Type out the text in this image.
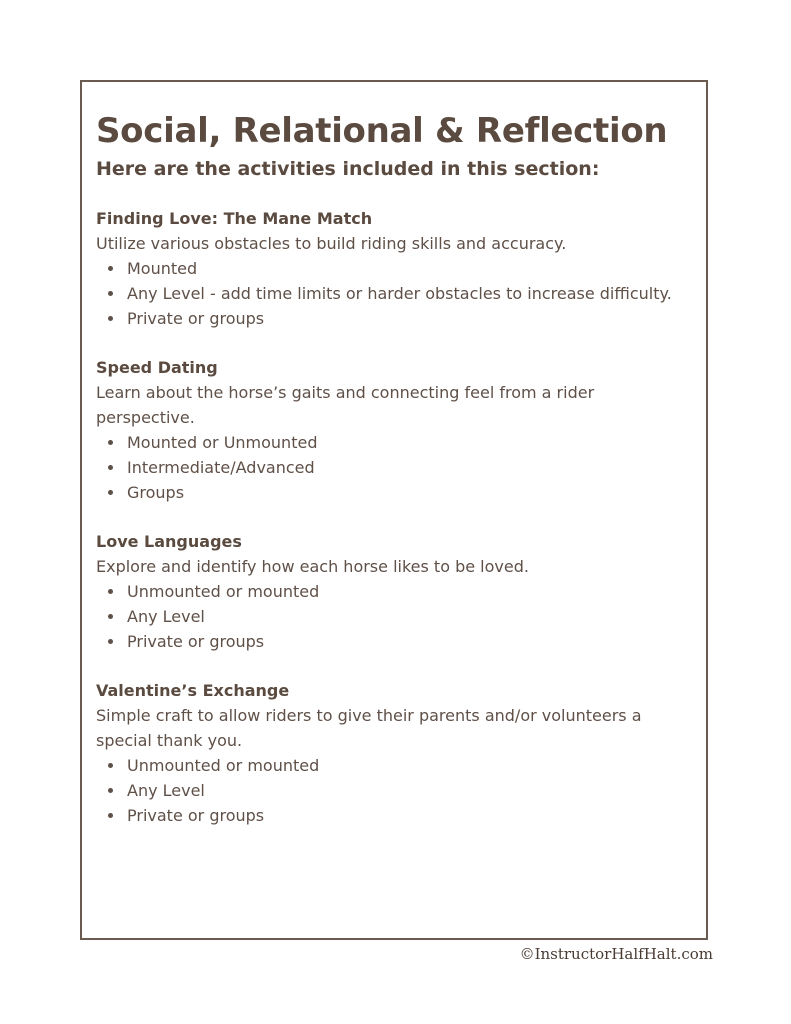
Social, Relational & Reflection
Here are the activities included in this section:
Finding Love: The Mane Match
Utilize various obstacles to build riding skills and accuracy.
Mounted
Any Level - add time limits or harder obstacles to increase difficulty.
Private or groups
Speed Dating
Learn about the horse’s gaits and connecting feel from a rider perspective.
Mounted or Unmounted
Intermediate/Advanced
Groups
Love Languages
Explore and identify how each horse likes to be loved.
Unmounted or mounted
Any Level
Private or groups
Valentine’s Exchange
Simple craft to allow riders to give their parents and/or volunteers a special thank you.
Unmounted or mounted
Any Level
Private or groups
©InstructorHalfHalt.com
